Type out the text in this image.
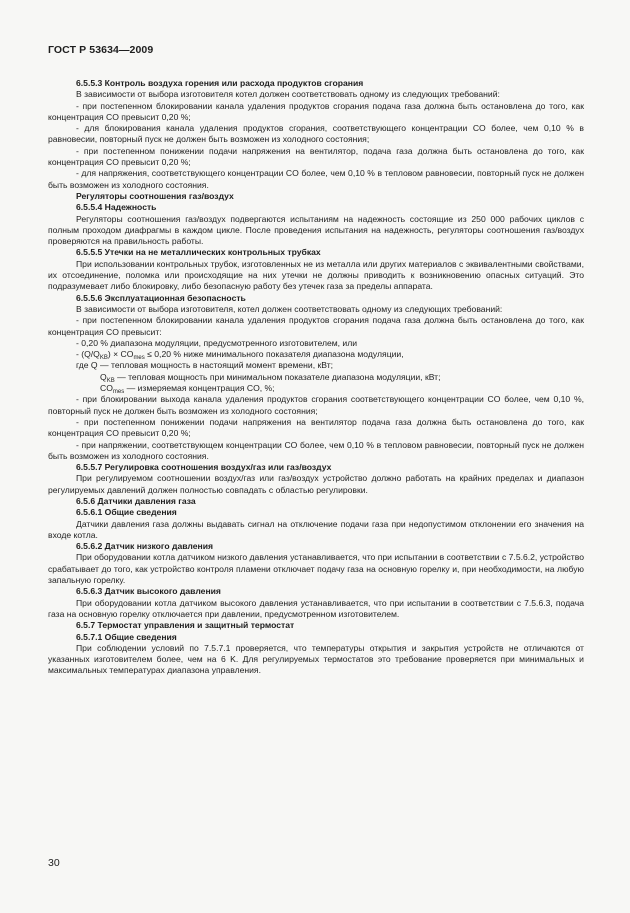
ГОСТ Р 53634—2009

6.5.5.3 Контроль воздуха горения или расхода продуктов сгорания

В зависимости от выбора изготовителя котел должен соответствовать одному из следующих требований:

- при постепенном блокировании канала удаления продуктов сгорания подача газа должна быть остановлена до того, как концентрация CO превысит 0,20 %;

- для блокирования канала удаления продуктов сгорания, соответствующего концентрации CO более, чем 0,10 % в равновесии, повторный пуск не должен быть возможен из холодного состояния;

- при постепенном понижении подачи напряжения на вентилятор, подача газа должна быть остановлена до того, как концентрация CO превысит 0,20 %;

- для напряжения, соответствующего концентрации CO более, чем 0,10 % в тепловом равновесии, повторный пуск не должен быть возможен из холодного состояния.

Регуляторы соотношения газ/воздух

6.5.5.4 Надежность

Регуляторы соотношения газ/воздух подвергаются испытаниям на надежность состоящие из 250 000 рабочих циклов с полным проходом диафрагмы в каждом цикле. После проведения испытания на надежность, регуляторы соотношения газ/воздух проверяются на правильность работы.

6.5.5.5 Утечки на не металлических контрольных трубках

При использовании контрольных трубок, изготовленных не из металла или других материалов с эквивалентными свойствами, их отсоединение, поломка или происходящие на них утечки не должны приводить к возникновению опасных ситуаций. Это подразумевает либо блокировку, либо безопасную работу без утечек газа за пределы аппарата.

6.5.5.6 Эксплуатационная безопасность

В зависимости от выбора изготовителя, котел должен соответствовать одному из следующих требований:

- при постепенном блокировании канала удаления продуктов сгорания подача газа должна быть остановлена до того, как концентрация CO превысит:

- 0,20 % диапазона модуляции, предусмотренного изготовителем, или

- $(Q/Q_{KB}) \times CO_{mes} \le 0,20$ % ниже минимального показателя диапазона модуляции,

где Q — тепловая мощность в настоящий момент времени, кВт;

$Q_{KB}$ — тепловая мощность при минимальном показателе диапазона модуляции, кВт;

$CO_{mes}$ — измеряемая концентрация CO, %;

- при блокировании выхода канала удаления продуктов сгорания соответствующего концентрации CO более, чем 0,10 %, повторный пуск не должен быть возможен из холодного состояния;

- при постепенном понижении подачи напряжения на вентилятор подача газа должна быть остановлена до того, как концентрация CO превысит 0,20 %;

- при напряжении, соответствующем концентрации CO более, чем 0,10 % в тепловом равновесии, повторный пуск не должен быть возможен из холодного состояния.

6.5.5.7 Регулировка соотношения воздух/газ или газ/воздух

При регулируемом соотношении воздух/газ или газ/воздух устройство должно работать на крайних пределах и диапазон регулируемых давлений должен полностью совпадать с областью регулировки.

6.5.6 Датчики давления газа

6.5.6.1 Общие сведения

Датчики давления газа должны выдавать сигнал на отключение подачи газа при недопустимом отклонении его значения на входе котла.

6.5.6.2 Датчик низкого давления

При оборудовании котла датчиком низкого давления устанавливается, что при испытании в соответствии с 7.5.6.2, устройство срабатывает до того, как устройство контроля пламени отключает подачу газа на основную горелку и, при необходимости, на любую запальную горелку.

6.5.6.3 Датчик высокого давления

При оборудовании котла датчиком высокого давления устанавливается, что при испытании в соответствии с 7.5.6.3, подача газа на основную горелку отключается при давлении, предусмотренном изготовителем.

6.5.7 Термостат управления и защитный термостат

6.5.7.1 Общие сведения

При соблюдении условий по 7.5.7.1 проверяется, что температуры открытия и закрытия устройств не отличаются от указанных изготовителем более, чем на 6 K. Для регулируемых термостатов это требование проверяется при минимальных и максимальных температурах диапазона управления.

30
